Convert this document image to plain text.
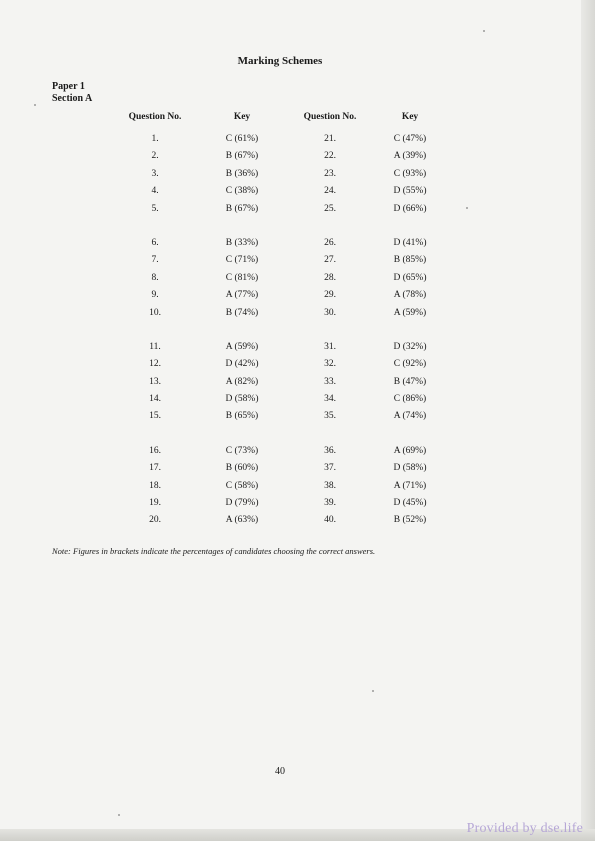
Marking Schemes
Paper 1
Section A
Question No.	Key	Question No.	Key
1.	C (61%)	21.	C (47%)
2.	B (67%)	22.	A (39%)
3.	B (36%)	23.	C (93%)
4.	C (38%)	24.	D (55%)
5.	B (67%)	25.	D (66%)
6.	B (33%)	26.	D (41%)
7.	C (71%)	27.	B (85%)
8.	C (81%)	28.	D (65%)
9.	A (77%)	29.	A (78%)
10.	B (74%)	30.	A (59%)
11.	A (59%)	31.	D (32%)
12.	D (42%)	32.	C (92%)
13.	A (82%)	33.	B (47%)
14.	D (58%)	34.	C (86%)
15.	B (65%)	35.	A (74%)
16.	C (73%)	36.	A (69%)
17.	B (60%)	37.	D (58%)
18.	C (58%)	38.	A (71%)
19.	D (79%)	39.	D (45%)
20.	A (63%)	40.	B (52%)
Note: Figures in brackets indicate the percentages of candidates choosing the correct answers.
40
Provided by dse.life
